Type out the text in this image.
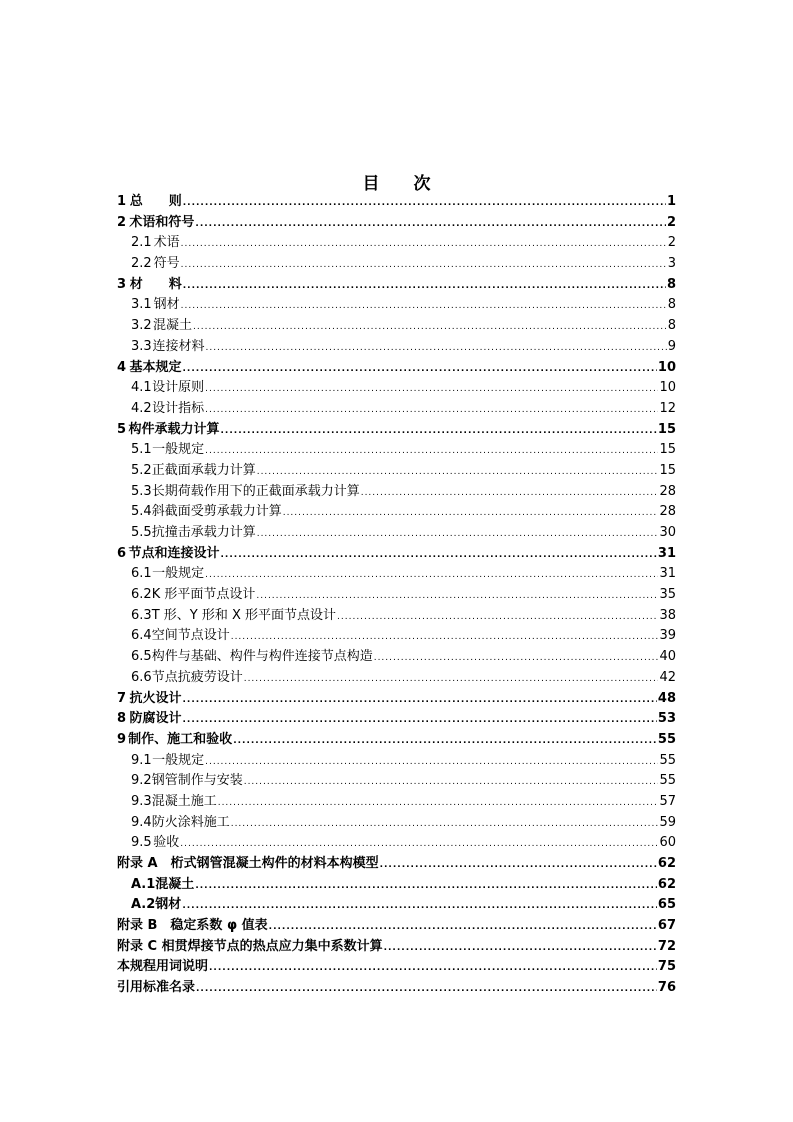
目　　次
1 总　　则 .....	1
2 术语和符号 .....	2
2.1 术语 .....	2
2.2 符号 .....	3
3 材　　料 .....	8
3.1 钢材 .....	8
3.2 混凝土 .....	8
3.3 连接材料 .....	9
4 基本规定 .....	10
4.1 设计原则 .....	10
4.2 设计指标 .....	12
5 构件承载力计算 .....	15
5.1 一般规定 .....	15
5.2 正截面承载力计算 .....	15
5.3 长期荷载作用下的正截面承载力计算 .....	28
5.4 斜截面受剪承载力计算 .....	28
5.5 抗撞击承载力计算 .....	30
6 节点和连接设计 .....	31
6.1 一般规定 .....	31
6.2 K 形平面节点设计 .....	35
6.3 T 形、Y 形和 X 形平面节点设计 .....	38
6.4 空间节点设计 .....	39
6.5 构件与基础、构件与构件连接节点构造 .....	40
6.6 节点抗疲劳设计 .....	42
7 抗火设计 .....	48
8 防腐设计 .....	53
9 制作、施工和验收 .....	55
9.1 一般规定 .....	55
9.2 钢管制作与安装 .....	55
9.3 混凝土施工 .....	57
9.4 防火涂料施工 .....	59
9.5 验收 .....	60
附录 A　桁式钢管混凝土构件的材料本构模型 .....	62
A.1 混凝土 .....	62
A.2 钢材 .....	65
附录 B　稳定系数 φ 值表 .....	67
附录 C 相贯焊接节点的热点应力集中系数计算 .....	72
本规程用词说明 .....	75
引用标准名录 .....	76
